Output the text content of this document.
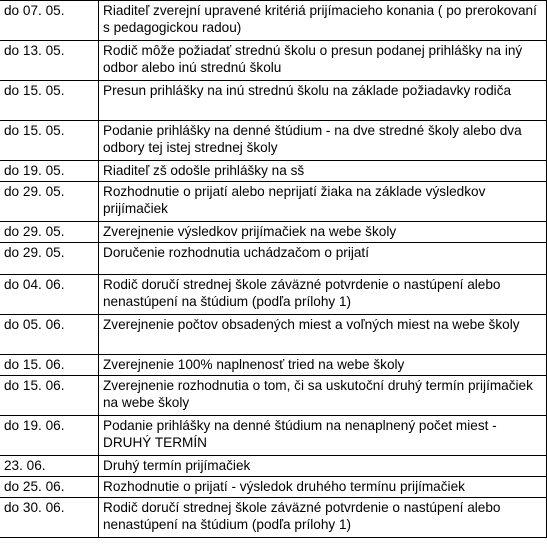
do 07. 05.	Riaditeľ zverejní upravené kritériá prijímacieho konania ( po prerokovaní s pedagogickou radou)
do 13. 05.	Rodič môže požiadať strednú školu o presun podanej prihlášky na iný odbor alebo inú strednú školu
do 15. 05.	Presun prihlášky na inú strednú školu na základe požiadavky rodiča
do 15. 05.	Podanie prihlášky na denné štúdium - na dve stredné školy alebo dva odbory tej istej strednej školy
do 19. 05.	Riaditeľ zš odošle prihlášky na sš
do 29. 05.	Rozhodnutie o prijatí alebo neprijatí žiaka na základe výsledkov prijímačiek
do 29. 05.	Zverejnenie výsledkov prijímačiek na webe školy
do 29. 05.	Doručenie rozhodnutia uchádzačom o prijatí
do 04. 06.	Rodič doručí strednej škole záväzné potvrdenie o nastúpení alebo nenastúpení na štúdium (podľa prílohy 1)
do 05. 06.	Zverejnenie počtov obsadených miest a voľných miest na webe školy
do 15. 06.	Zverejnenie 100% naplnenosť tried na webe školy
do 15. 06.	Zverejnenie rozhodnutia o tom, či sa uskutoční druhý termín prijímačiek na webe školy
do 19. 06.	Podanie prihlášky na denné štúdium na nenaplnený počet miest - DRUHÝ TERMÍN
23. 06.	Druhý termín prijímačiek
do 25. 06.	Rozhodnutie o prijatí - výsledok druhého termínu prijímačiek
do 30. 06.	Rodič doručí strednej škole záväzné potvrdenie o nastúpení alebo nenastúpení na štúdium (podľa prílohy 1)
